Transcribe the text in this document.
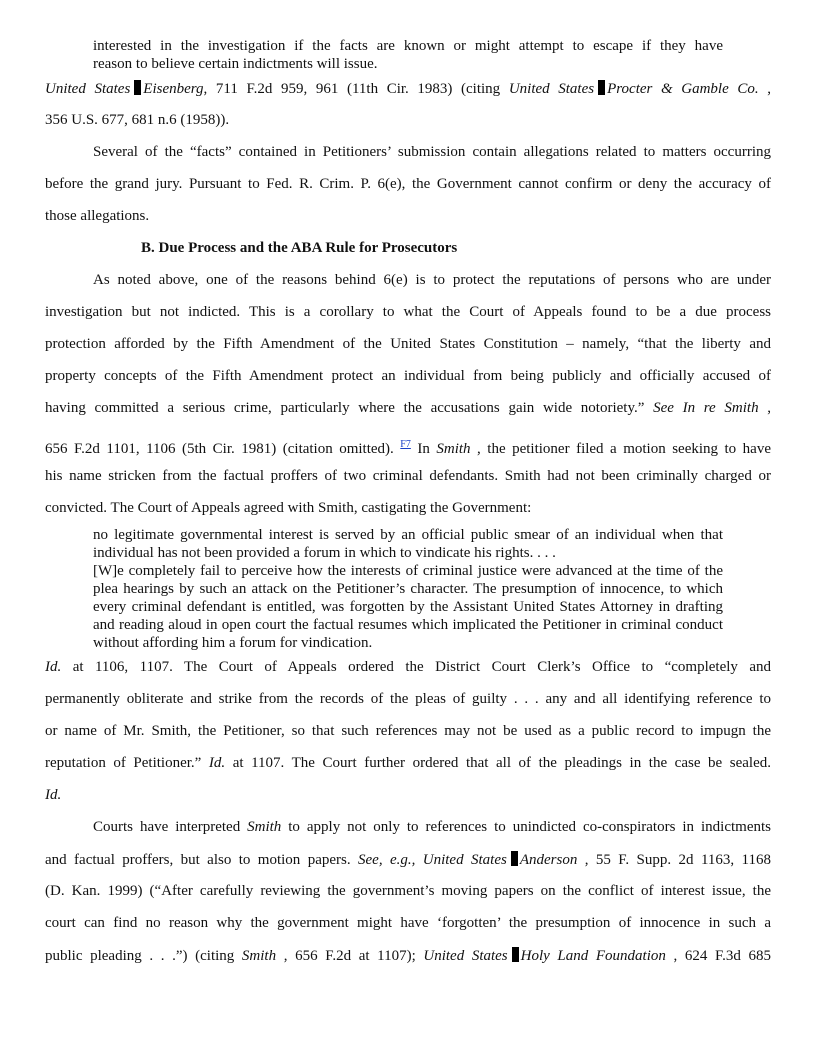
interested in the investigation if the facts are known or might attempt to escape if they have
reason to believe certain indictments will issue.
United States Eisenberg, 711 F.2d 959, 961 (11th Cir. 1983) (citing United States Procter & Gamble Co. ,
356 U.S. 677, 681 n.6 (1958)).
Several of the “facts” contained in Petitioners’ submission contain allegations related to matters occurring
before the grand jury. Pursuant to Fed. R. Crim. P. 6(e), the Government cannot confirm or deny the accuracy of
those allegations.
B. Due Process and the ABA Rule for Prosecutors
As noted above, one of the reasons behind 6(e) is to protect the reputations of persons who are under
investigation but not indicted. This is a corollary to what the Court of Appeals found to be a due process
protection afforded by the Fifth Amendment of the United States Constitution – namely, “that the liberty and
property concepts of the Fifth Amendment protect an individual from being publicly and officially accused of
having committed a serious crime, particularly where the accusations gain wide notoriety.” See In re Smith ,
656 F.2d 1101, 1106 (5th Cir. 1981) (citation omitted). $^{F7}$ In Smith , the petitioner filed a motion seeking to have
his name stricken from the factual proffers of two criminal defendants. Smith had not been criminally charged or
convicted. The Court of Appeals agreed with Smith, castigating the Government:
no legitimate governmental interest is served by an official public smear of an individual when that individual has not been provided a forum in which to vindicate his rights. . . .
[W]e completely fail to perceive how the interests of criminal justice were advanced at the time of the plea hearings by such an attack on the Petitioner’s character. The presumption of innocence, to which every criminal defendant is entitled, was forgotten by the Assistant United States Attorney in drafting and reading aloud in open court the factual resumes which implicated the Petitioner in criminal conduct without affording him a forum for vindication.
Id. at 1106, 1107. The Court of Appeals ordered the District Court Clerk’s Office to “completely and
permanently obliterate and strike from the records of the pleas of guilty . . . any and all identifying reference to
or name of Mr. Smith, the Petitioner, so that such references may not be used as a public record to impugn the
reputation of Petitioner.” Id. at 1107. The Court further ordered that all of the pleadings in the case be sealed.
Id.
Courts have interpreted Smith to apply not only to references to unindicted co-conspirators in indictments
and factual proffers, but also to motion papers. See, e.g., United States Anderson , 55 F. Supp. 2d 1163, 1168
(D. Kan. 1999) (“After carefully reviewing the government’s moving papers on the conflict of interest issue, the
court can find no reason why the government might have ‘forgotten’ the presumption of innocence in such a
public pleading . . .”) (citing Smith , 656 F.2d at 1107); United States Holy Land Foundation , 624 F.3d 685
